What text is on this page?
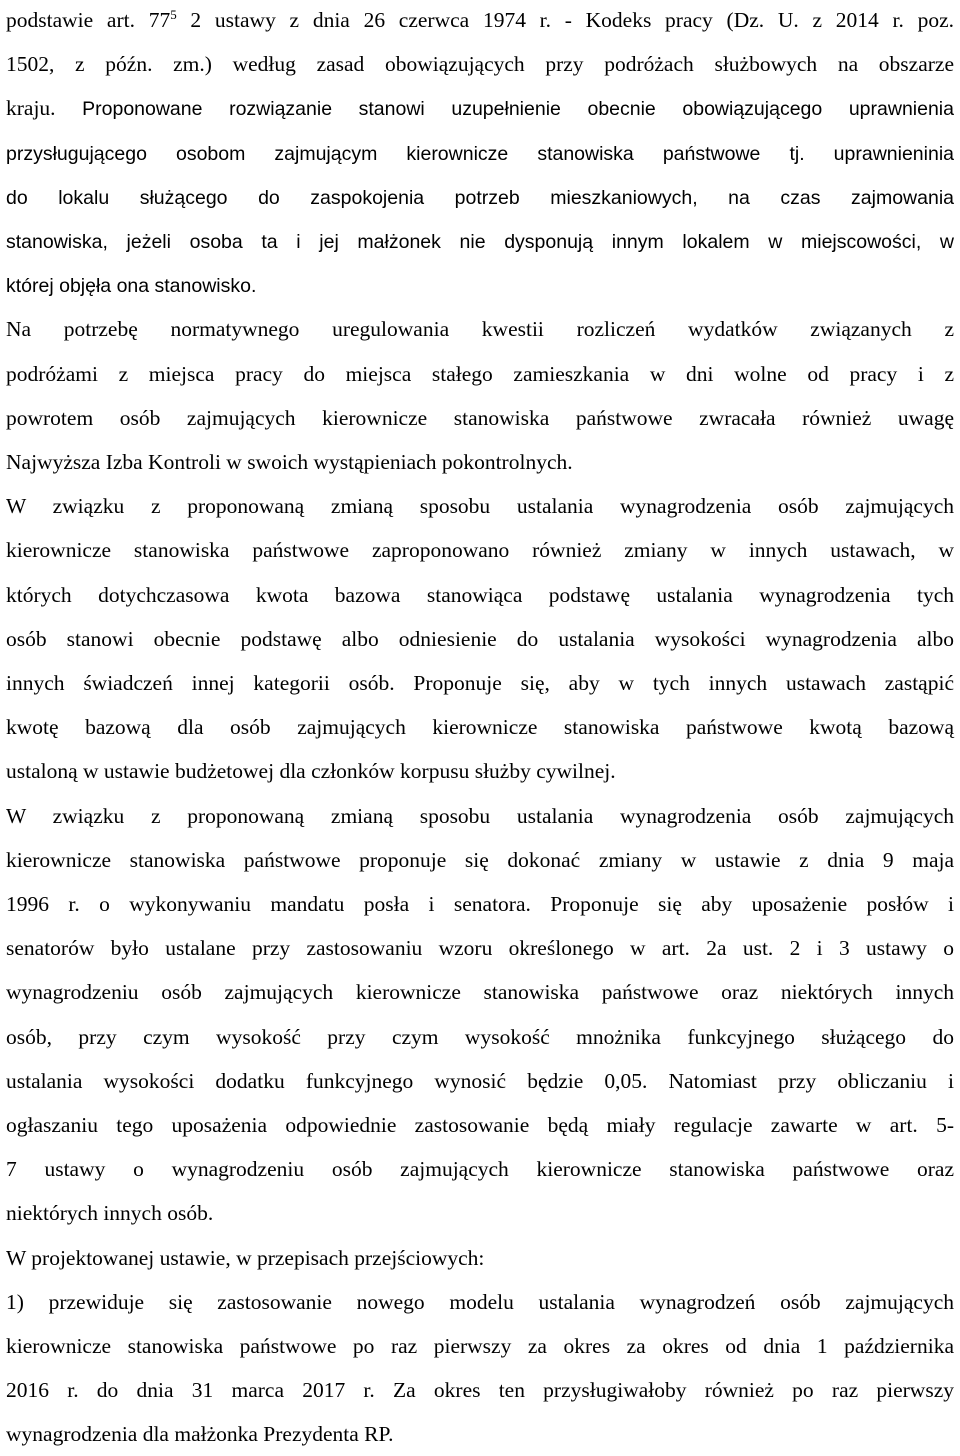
podstawie art. $77^5$ 2 ustawy z dnia 26 czerwca 1974 r. - Kodeks pracy (Dz. U. z 2014 r. poz.
1502, z późn. zm.) według zasad obowiązujących przy podróżach służbowych na obszarze
kraju. Proponowane rozwiązanie stanowi uzupełnienie obecnie obowiązującego uprawnienia
przysługującego osobom zajmującym kierownicze stanowiska państwowe tj. uprawnieninia
do lokalu służącego do zaspokojenia potrzeb mieszkaniowych, na czas zajmowania
stanowiska, jeżeli osoba ta i jej małżonek nie dysponują innym lokalem w miejscowości, w
której objęła ona stanowisko.
Na potrzebę normatywnego uregulowania kwestii rozliczeń wydatków związanych z
podróżami z miejsca pracy do miejsca stałego zamieszkania w dni wolne od pracy i z
powrotem osób zajmujących kierownicze stanowiska państwowe zwracała również uwagę
Najwyższa Izba Kontroli w swoich wystąpieniach pokontrolnych.
W związku z proponowaną zmianą sposobu ustalania wynagrodzenia osób zajmujących
kierownicze stanowiska państwowe zaproponowano również zmiany w innych ustawach, w
których dotychczasowa kwota bazowa stanowiąca podstawę ustalania wynagrodzenia tych
osób stanowi obecnie podstawę albo odniesienie do ustalania wysokości wynagrodzenia albo
innych świadczeń innej kategorii osób. Proponuje się, aby w tych innych ustawach zastąpić
kwotę bazową dla osób zajmujących kierownicze stanowiska państwowe kwotą bazową
ustaloną w ustawie budżetowej dla członków korpusu służby cywilnej.
W związku z proponowaną zmianą sposobu ustalania wynagrodzenia osób zajmujących
kierownicze stanowiska państwowe proponuje się dokonać zmiany w ustawie z dnia 9 maja
1996 r. o wykonywaniu mandatu posła i senatora. Proponuje się aby uposażenie posłów i
senatorów było ustalane przy zastosowaniu wzoru określonego w art. 2a ust. 2 i 3 ustawy o
wynagrodzeniu osób zajmujących kierownicze stanowiska państwowe oraz niektórych innych
osób, przy czym wysokość przy czym wysokość mnożnika funkcyjnego służącego do
ustalania wysokości dodatku funkcyjnego wynosić będzie 0,05. Natomiast przy obliczaniu i
ogłaszaniu tego uposażenia odpowiednie zastosowanie będą miały regulacje zawarte w art. 5-
7 ustawy o wynagrodzeniu osób zajmujących kierownicze stanowiska państwowe oraz
niektórych innych osób.
W projektowanej ustawie, w przepisach przejściowych:
1) przewiduje się zastosowanie nowego modelu ustalania wynagrodzeń osób zajmujących
kierownicze stanowiska państwowe po raz pierwszy za okres za okres od dnia 1 października
2016 r. do dnia 31 marca 2017 r. Za okres ten przysługiwałoby również po raz pierwszy
wynagrodzenia dla małżonka Prezydenta RP.
